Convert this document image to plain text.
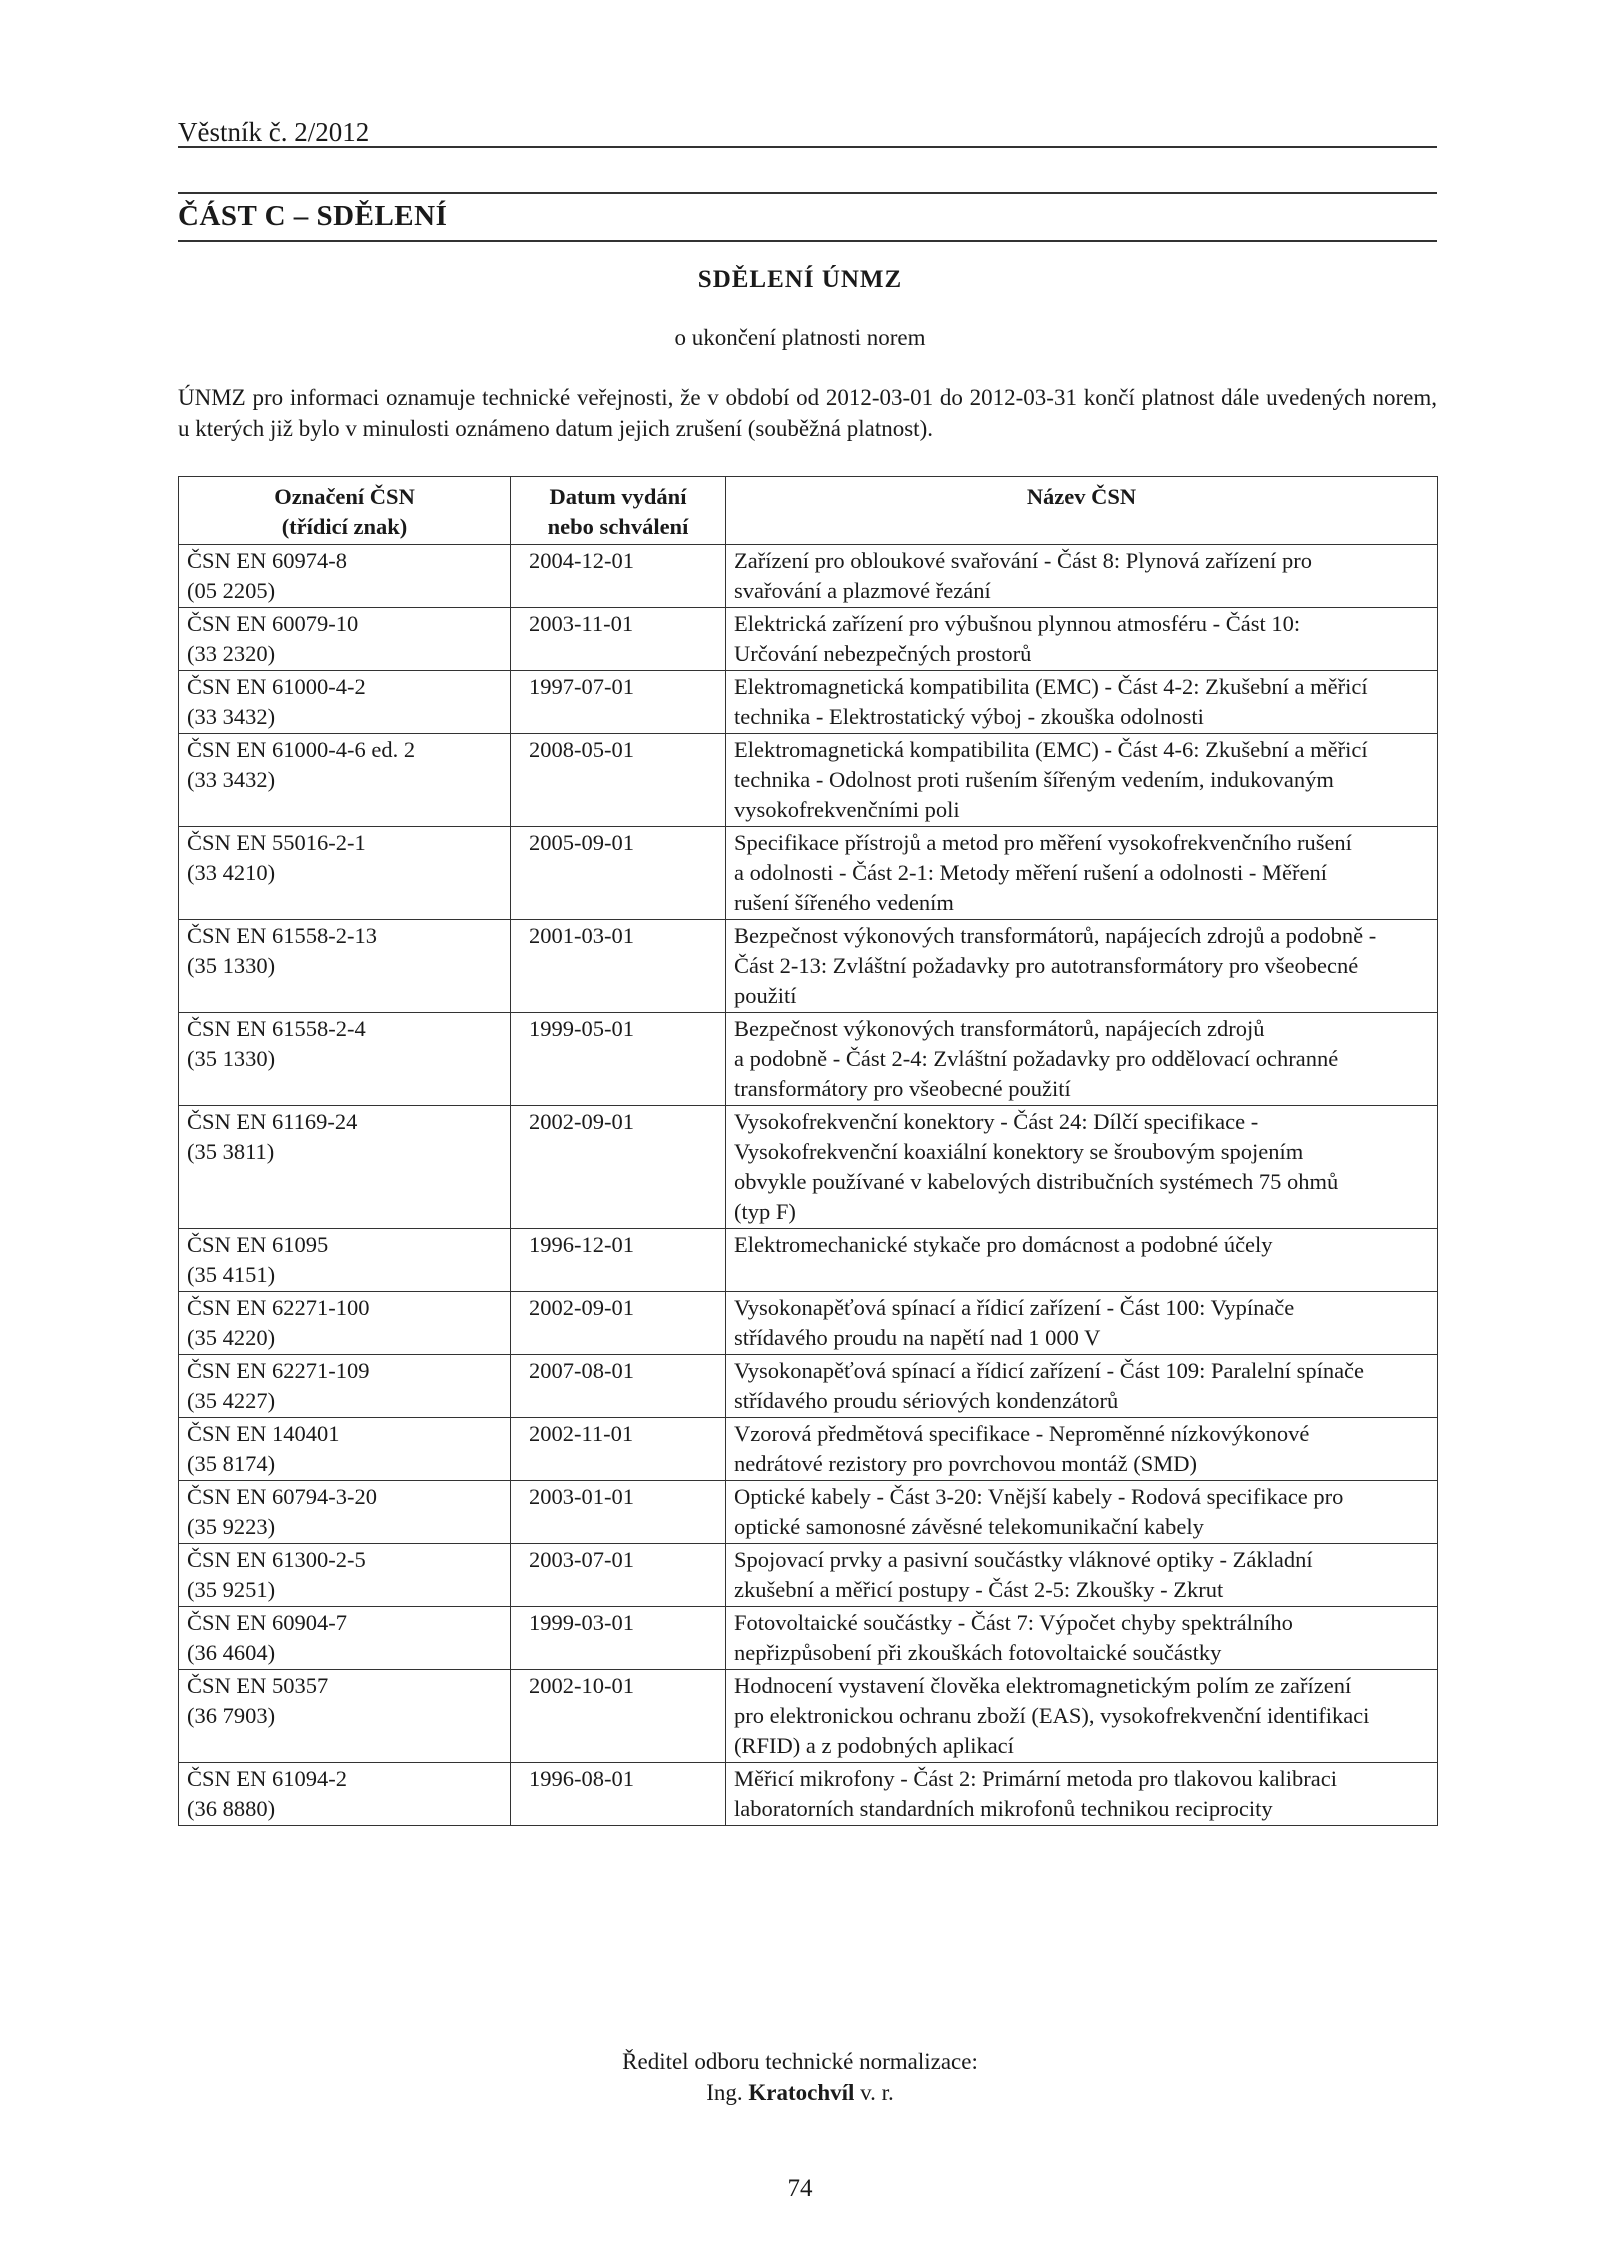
Věstník č. 2/2012
ČÁST C – SDĚLENÍ
SDĚLENÍ ÚNMZ
o ukončení platnosti norem
ÚNMZ pro informaci oznamuje technické veřejnosti, že v období od 2012-03-01 do 2012-03-31 končí platnost dále uvedených norem, u kterých již bylo v minulosti oznámeno datum jejich zrušení (souběžná platnost).
Označení ČSN
(třídicí znak)	Datum vydání
nebo schválení	Název ČSN

ČSN EN 60974-8
(05 2205)	2004-12-01	Zařízení pro obloukové svařování - Část 8: Plynová zařízení pro
svařování a plazmové řezání

ČSN EN 60079-10
(33 2320)	2003-11-01	Elektrická zařízení pro výbušnou plynnou atmosféru - Část 10:
Určování nebezpečných prostorů

ČSN EN 61000-4-2
(33 3432)	1997-07-01	Elektromagnetická kompatibilita (EMC) - Část 4-2: Zkušební a měřicí
technika - Elektrostatický výboj - zkouška odolnosti

ČSN EN 61000-4-6 ed. 2
(33 3432)	2008-05-01	Elektromagnetická kompatibilita (EMC) - Část 4-6: Zkušební a měřicí
technika - Odolnost proti rušením šířeným vedením, indukovaným
vysokofrekvenčními poli

ČSN EN 55016-2-1
(33 4210)	2005-09-01	Specifikace přístrojů a metod pro měření vysokofrekvenčního rušení
a odolnosti - Část 2-1: Metody měření rušení a odolnosti - Měření
rušení šířeného vedením

ČSN EN 61558-2-13
(35 1330)	2001-03-01	Bezpečnost výkonových transformátorů, napájecích zdrojů a podobně -
Část 2-13: Zvláštní požadavky pro autotransformátory pro všeobecné
použití

ČSN EN 61558-2-4
(35 1330)	1999-05-01	Bezpečnost výkonových transformátorů, napájecích zdrojů
a podobně - Část 2-4: Zvláštní požadavky pro oddělovací ochranné
transformátory pro všeobecné použití

ČSN EN 61169-24
(35 3811)	2002-09-01	Vysokofrekvenční konektory - Část 24: Dílčí specifikace -
Vysokofrekvenční koaxiální konektory se šroubovým spojením
obvykle používané v kabelových distribučních systémech 75 ohmů
(typ F)

ČSN EN 61095
(35 4151)	1996-12-01	Elektromechanické stykače pro domácnost a podobné účely

ČSN EN 62271-100
(35 4220)	2002-09-01	Vysokonapěťová spínací a řídicí zařízení - Část 100: Vypínače
střídavého proudu na napětí nad 1 000 V

ČSN EN 62271-109
(35 4227)	2007-08-01	Vysokonapěťová spínací a řídicí zařízení - Část 109: Paralelní spínače
střídavého proudu sériových kondenzátorů

ČSN EN 140401
(35 8174)	2002-11-01	Vzorová předmětová specifikace - Neproměnné nízkovýkonové
nedrátové rezistory pro povrchovou montáž (SMD)

ČSN EN 60794-3-20
(35 9223)	2003-01-01	Optické kabely - Část 3-20: Vnější kabely - Rodová specifikace pro
optické samonosné závěsné telekomunikační kabely

ČSN EN 61300-2-5
(35 9251)	2003-07-01	Spojovací prvky a pasivní součástky vláknové optiky - Základní
zkušební a měřicí postupy - Část 2-5: Zkoušky - Zkrut

ČSN EN 60904-7
(36 4604)	1999-03-01	Fotovoltaické součástky - Část 7: Výpočet chyby spektrálního
nepřizpůsobení při zkouškách fotovoltaické součástky

ČSN EN 50357
(36 7903)	2002-10-01	Hodnocení vystavení člověka elektromagnetickým polím ze zařízení
pro elektronickou ochranu zboží (EAS), vysokofrekvenční identifikaci
(RFID) a z podobných aplikací

ČSN EN 61094-2
(36 8880)	1996-08-01	Měřicí mikrofony - Část 2: Primární metoda pro tlakovou kalibraci
laboratorních standardních mikrofonů technikou reciprocity
Ředitel odboru technické normalizace:
Ing. Kratochvíl v. r.
74
